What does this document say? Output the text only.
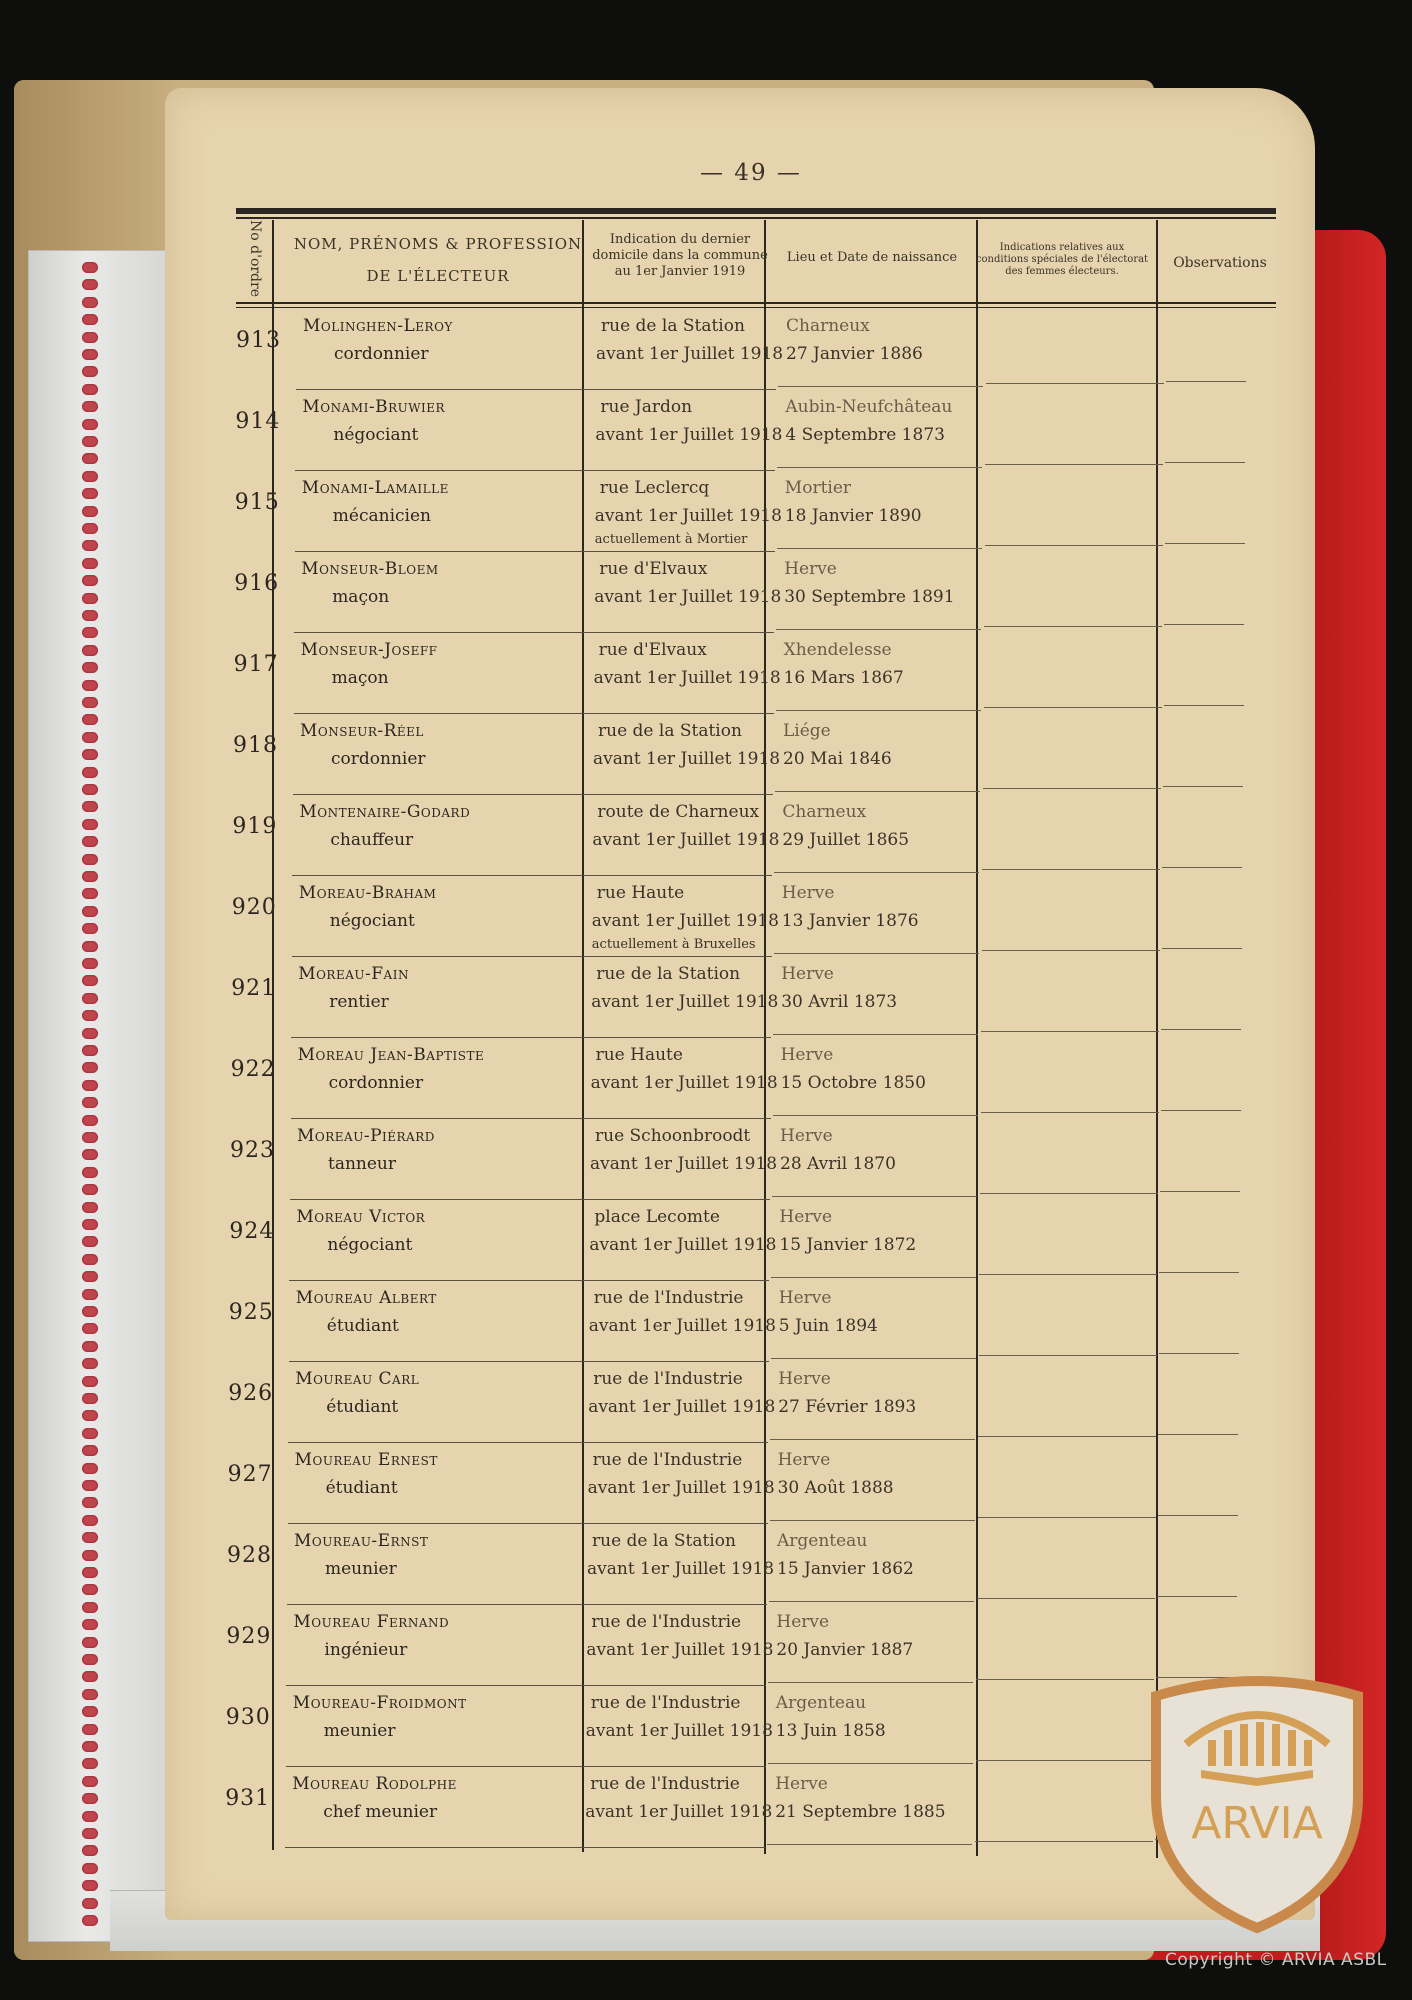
— 49 —
No d'ordre	NOM, PRÉNOMS & PROFESSION
DE L'ÉLECTEUR
Indication du dernier domicile dans la commune au 1er Janvier 1919
Lieu et Date de naissance
Indications relatives aux conditions spéciales de l'électorat des femmes électeurs.
Observations
913
Molinghen-Leroy
cordonnier
rue de la Station
avant 1er Juillet 1918
Charneux
27 Janvier 1886
914
Monami-Bruwier
négociant
rue Jardon
avant 1er Juillet 1918
Aubin-Neufchâteau
4 Septembre 1873
915
Monami-Lamaille
mécanicien
rue Leclercq
avant 1er Juillet 1918
actuellement à Mortier
Mortier
18 Janvier 1890
916
Monseur-Bloem
maçon
rue d'Elvaux
avant 1er Juillet 1918
Herve
30 Septembre 1891
917
Monseur-Joseff
maçon
rue d'Elvaux
avant 1er Juillet 1918
Xhendelesse
16 Mars 1867
918
Monseur-Réel
cordonnier
rue de la Station
avant 1er Juillet 1918
Liége
20 Mai 1846
919
Montenaire-Godard
chauffeur
route de Charneux
avant 1er Juillet 1918
Charneux
29 Juillet 1865
920
Moreau-Braham
négociant
rue Haute
avant 1er Juillet 1918
actuellement à Bruxelles
Herve
13 Janvier 1876
921
Moreau-Fain
rentier
rue de la Station
avant 1er Juillet 1918
Herve
30 Avril 1873
922
Moreau Jean-Baptiste
cordonnier
rue Haute
avant 1er Juillet 1918
Herve
15 Octobre 1850
923
Moreau-Piérard
tanneur
rue Schoonbroodt
avant 1er Juillet 1918
Herve
28 Avril 1870
924
Moreau Victor
négociant
place Lecomte
avant 1er Juillet 1918
Herve
15 Janvier 1872
925
Moureau Albert
étudiant
rue de l'Industrie
avant 1er Juillet 1918
Herve
5 Juin 1894
926
Moureau Carl
étudiant
rue de l'Industrie
avant 1er Juillet 1918
Herve
27 Février 1893
927
Moureau Ernest
étudiant
rue de l'Industrie
avant 1er Juillet 1918
Herve
30 Août 1888
928
Moureau-Ernst
meunier
rue de la Station
avant 1er Juillet 1918
Argenteau
15 Janvier 1862
929
Moureau Fernand
ingénieur
rue de l'Industrie
avant 1er Juillet 1918
Herve
20 Janvier 1887
930
Moureau-Froidmont
meunier
rue de l'Industrie
avant 1er Juillet 1918
Argenteau
13 Juin 1858
931
Moureau Rodolphe
chef meunier
rue de l'Industrie
avant 1er Juillet 1918
Herve
21 Septembre 1885	ARVIA
Copyright © ARVIA ASBL
